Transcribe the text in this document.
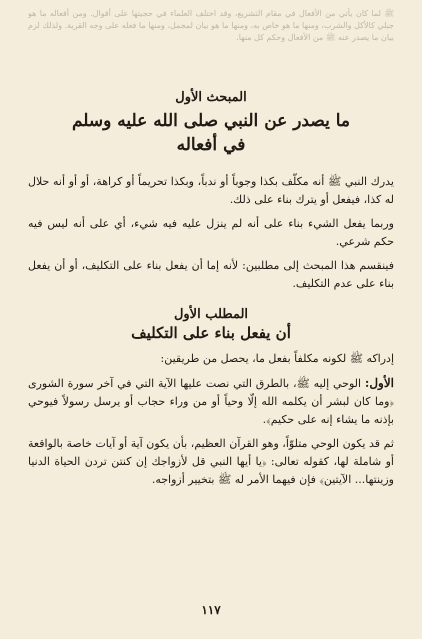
ﷺ لما كان يأتي من الأفعال في مقام التشريع، وقد اختلف العلماء في حجيتها على أقوال. ومن أفعاله ما هو جبلي كالأكل والشرب، ومنها ما هو خاص به، ومنها ما هو بيان لمجمل، ومنها ما فعله على وجه القربة. ولذلك لزم بيان ما يصدر عنه ﷺ من الأفعال وحكم كل منها.
المبحث الأول
ما يصدر عن النبي صلى الله عليه وسلم
في أفعاله

يدرك النبي ﷺ أنه مكلّف بكذا وجوباً أو ندباً، وبكذا تحريماً أو كراهة، أو أو أنه حلال له كذا، فيفعل أو يترك بناء على ذلك.

وربما يفعل الشيء بناء على أنه لم ينزل عليه فيه شيء، أي على أنه ليس فيه حكم شرعي.

فينقسم هذا المبحث إلى مطلبين: لأنه إما أن يفعل بناء على التكليف، أو أن يفعل بناء على عدم التكليف.

المطلب الأول
أن يفعل بناء على التكليف

إدراكه ﷺ لكونه مكلفاً بفعل ما، يحصل من طريقين:

الأول: الوحي إليه ﷺ، بالطرق التي نصت عليها الآية التي في آخر سورة الشورى ﴿وما كان لبشر أن يكلمه الله إلّا وحياً أو من وراء حجاب أو يرسل رسولاً فيوحي بإذنه ما يشاء إنه على حكيم﴾.

ثم قد يكون الوحي متلوّاً، وهو القرآن العظيم، بأن يكون آية أو آيات خاصة بالواقعة أو شاملة لها، كقوله تعالى: ﴿يا أيها النبي قل لأزواجك إن كنتن تردن الحياة الدنيا وزينتها... الآيتين﴾ فإن فيهما الأمر له ﷺ بتخيير أزواجه.

١١٧
